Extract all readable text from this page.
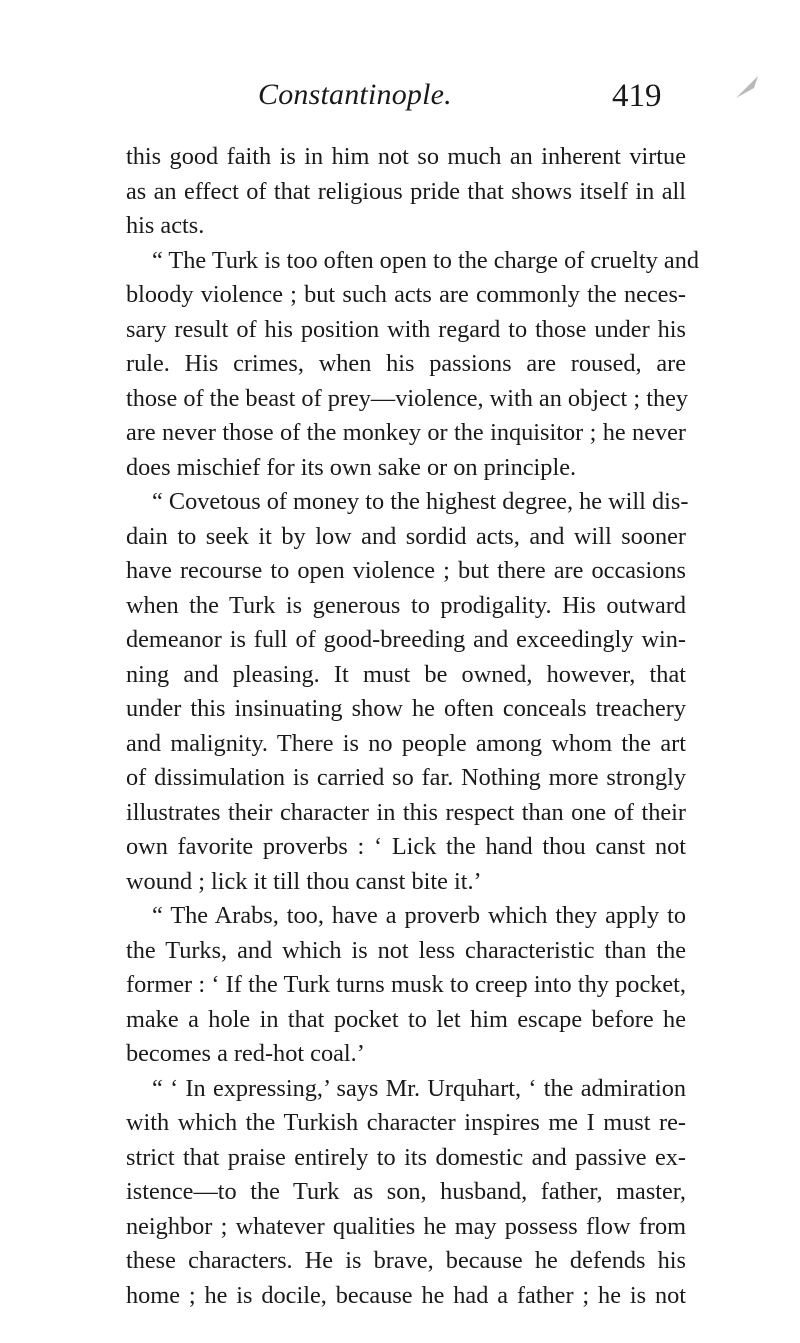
Constantinople.	419
this good faith is in him not so much an inherent virtue
as an effect of that religious pride that shows itself in all
his acts.
“ The Turk is too often open to the charge of cruelty and
bloody violence ; but such acts are commonly the neces-
sary result of his position with regard to those under his
rule. His crimes, when his passions are roused, are
those of the beast of prey—violence, with an object ; they
are never those of the monkey or the inquisitor ; he never
does mischief for its own sake or on principle.
“ Covetous of money to the highest degree, he will dis-
dain to seek it by low and sordid acts, and will sooner
have recourse to open violence ; but there are occasions
when the Turk is generous to prodigality. His outward
demeanor is full of good-breeding and exceedingly win-
ning and pleasing. It must be owned, however, that
under this insinuating show he often conceals treachery
and malignity. There is no people among whom the art
of dissimulation is carried so far. Nothing more strongly
illustrates their character in this respect than one of their
own favorite proverbs : ‘ Lick the hand thou canst not
wound ; lick it till thou canst bite it.’
“ The Arabs, too, have a proverb which they apply to
the Turks, and which is not less characteristic than the
former : ‘ If the Turk turns musk to creep into thy pocket,
make a hole in that pocket to let him escape before he
becomes a red-hot coal.’
“ ‘ In expressing,’ says Mr. Urquhart, ‘ the admiration
with which the Turkish character inspires me I must re-
strict that praise entirely to its domestic and passive ex-
istence—to the Turk as son, husband, father, master,
neighbor ; whatever qualities he may possess flow from
these characters. He is brave, because he defends his
home ; he is docile, because he had a father ; he is not
